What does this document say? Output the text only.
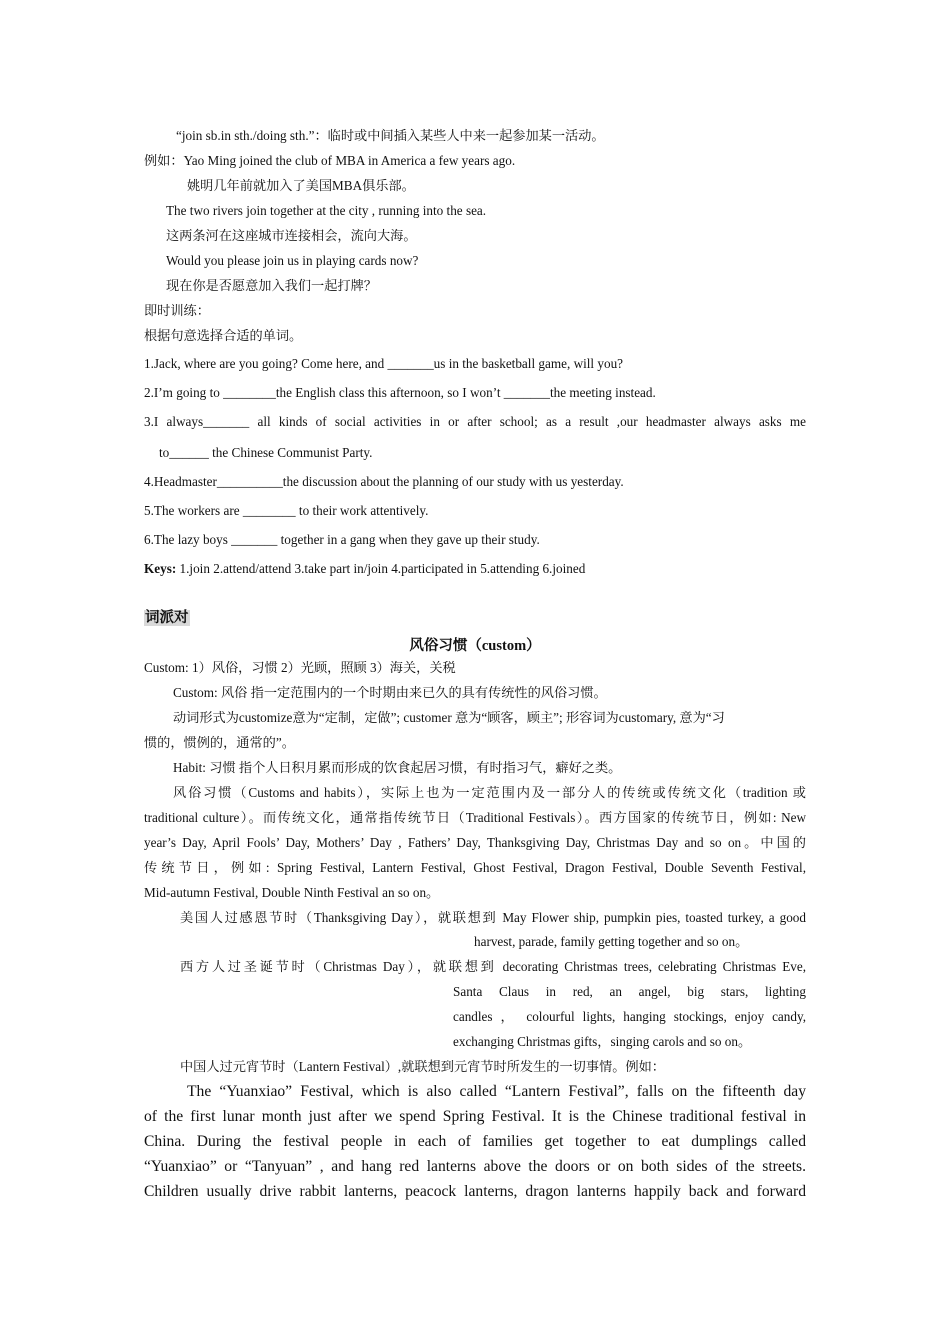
“join sb.in sth./doing sth.”：临时或中间插入某些人中来一起参加某一活动。
例如：Yao Ming joined the club of MBA in America a few years ago.
姚明几年前就加入了美国MBA俱乐部。
The two rivers join together at the city , running into the sea.
这两条河在这座城市连接相会，流向大海。
Would you please join us in playing cards now?
现在你是否愿意加入我们一起打牌？
即时训练：
根据句意选择合适的单词。
1.Jack, where are you going? Come here, and _______us in the basketball game, will you?
2.I’m going to ________the English class this afternoon, so I won’t _______the meeting instead.
3.I always_______ all kinds of social activities in or after school; as a result ,our headmaster always asks me
to______ the Chinese Communist Party.
4.Headmaster__________the discussion about the planning of our study with us yesterday.
5.The workers are ________ to their work attentively.
6.The lazy boys _______ together in a gang when they gave up their study.
Keys: 1.join 2.attend/attend 3.take part in/join 4.participated in 5.attending 6.joined
词派对
风俗习惯（custom）
Custom: 1）风俗，习惯 2）光顾，照顾 3）海关，关税
Custom: 风俗 指一定范围内的一个时期由来已久的具有传统性的风俗习惯。
动词形式为customize意为“定制，定做”; customer 意为“顾客，顾主”; 形容词为customary, 意为“习
惯的，惯例的，通常的”。
Habit: 习惯 指个人日积月累而形成的饮食起居习惯，有时指习气，癖好之类。
风俗习惯（Customs and habits），实际上也为一定范围内及一部分人的传统或传统文化（tradition 或
traditional culture）。而传统文化，通常指传统节日（Traditional Festivals）。西方国家的传统节日，例如: New
year’s Day, April Fools’ Day, Mothers’ Day , Fathers’ Day, Thanksgiving Day, Christmas Day and so on。中国的
传统节日，例如: Spring Festival, Lantern Festival, Ghost Festival, Dragon Festival, Double Seventh Festival,
Mid-autumn Festival, Double Ninth Festival an so on。
美国人过感恩节时（Thanksgiving Day），就联想到 May Flower ship, pumpkin pies, toasted turkey, a good
harvest, parade, family getting together and so on。
西方人过圣诞节时（Christmas Day），就联想到 decorating Christmas trees, celebrating Christmas Eve,
Santa Claus in red, an angel, big stars, lighting
candles ， colourful lights, hanging stockings, enjoy candy,
exchanging Christmas gifts，singing carols and so on。
中国人过元宵节时（Lantern Festival）,就联想到元宵节时所发生的一切事情。例如：
The “Yuanxiao” Festival, which is also called “Lantern Festival”, falls on the fifteenth day
of the first lunar month just after we spend Spring Festival. It is the Chinese traditional festival in
China. During the festival people in each of families get together to eat dumplings called
“Yuanxiao” or “Tanyuan” , and hang red lanterns above the doors or on both sides of the streets.
Children usually drive rabbit lanterns, peacock lanterns, dragon lanterns happily back and forward
